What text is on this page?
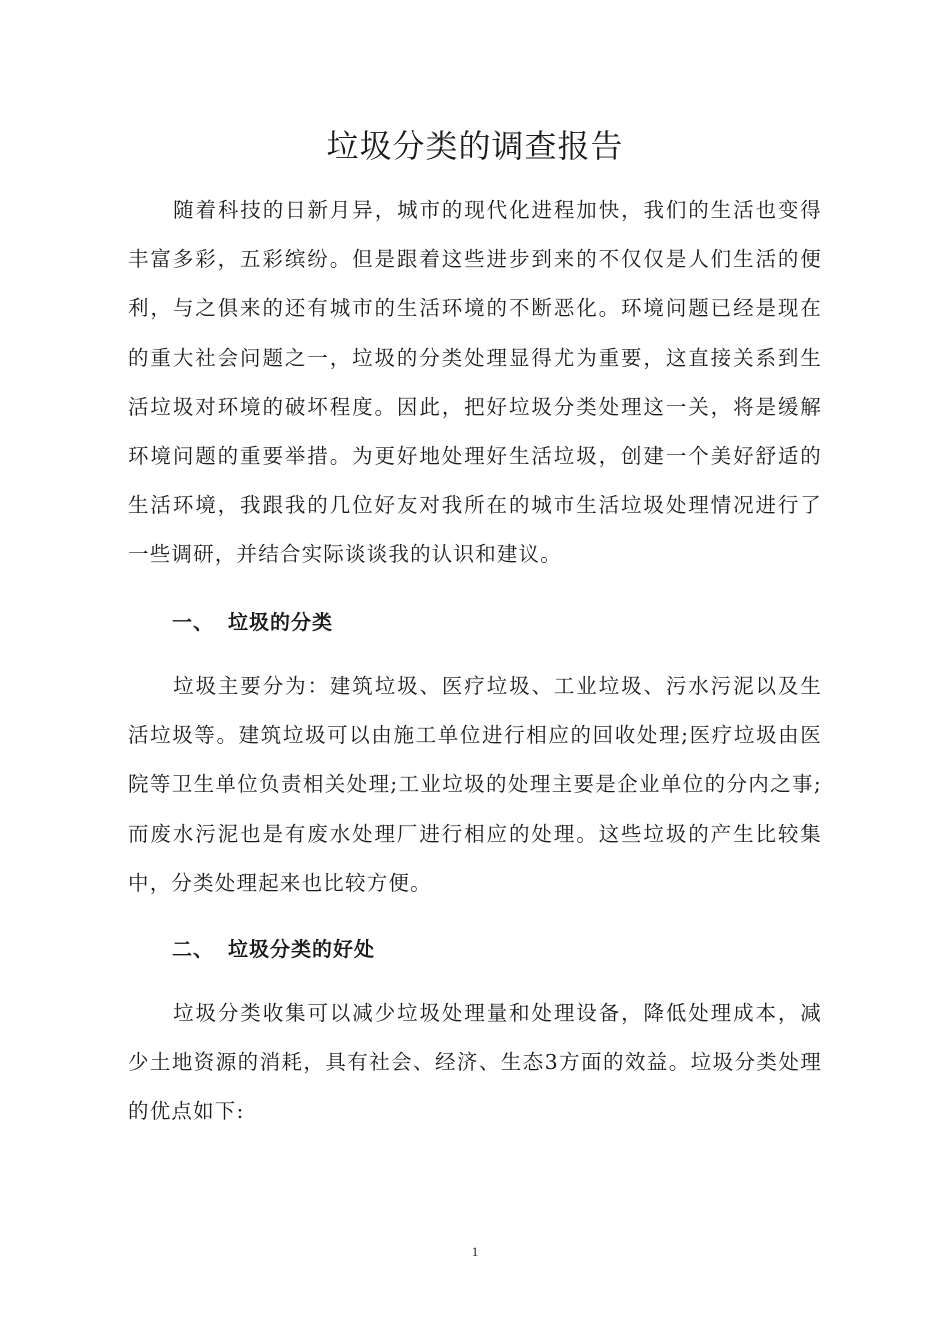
垃圾分类的调查报告

随着科技的日新月异，城市的现代化进程加快，我们的生活也变得丰富多彩，五彩缤纷。但是跟着这些进步到来的不仅仅是人们生活的便利，与之俱来的还有城市的生活环境的不断恶化。环境问题已经是现在的重大社会问题之一，垃圾的分类处理显得尤为重要，这直接关系到生活垃圾对环境的破坏程度。因此，把好垃圾分类处理这一关，将是缓解环境问题的重要举措。为更好地处理好生活垃圾，创建一个美好舒适的生活环境，我跟我的几位好友对我所在的城市生活垃圾处理情况进行了一些调研，并结合实际谈谈我的认识和建议。

一、 垃圾的分类

垃圾主要分为：建筑垃圾、医疗垃圾、工业垃圾、污水污泥以及生活垃圾等。建筑垃圾可以由施工单位进行相应的回收处理;医疗垃圾由医院等卫生单位负责相关处理;工业垃圾的处理主要是企业单位的分内之事;而废水污泥也是有废水处理厂进行相应的处理。这些垃圾的产生比较集中，分类处理起来也比较方便。

二、 垃圾分类的好处

垃圾分类收集可以减少垃圾处理量和处理设备，降低处理成本，减少土地资源的消耗，具有社会、经济、生态3方面的效益。垃圾分类处理的优点如下:

1
